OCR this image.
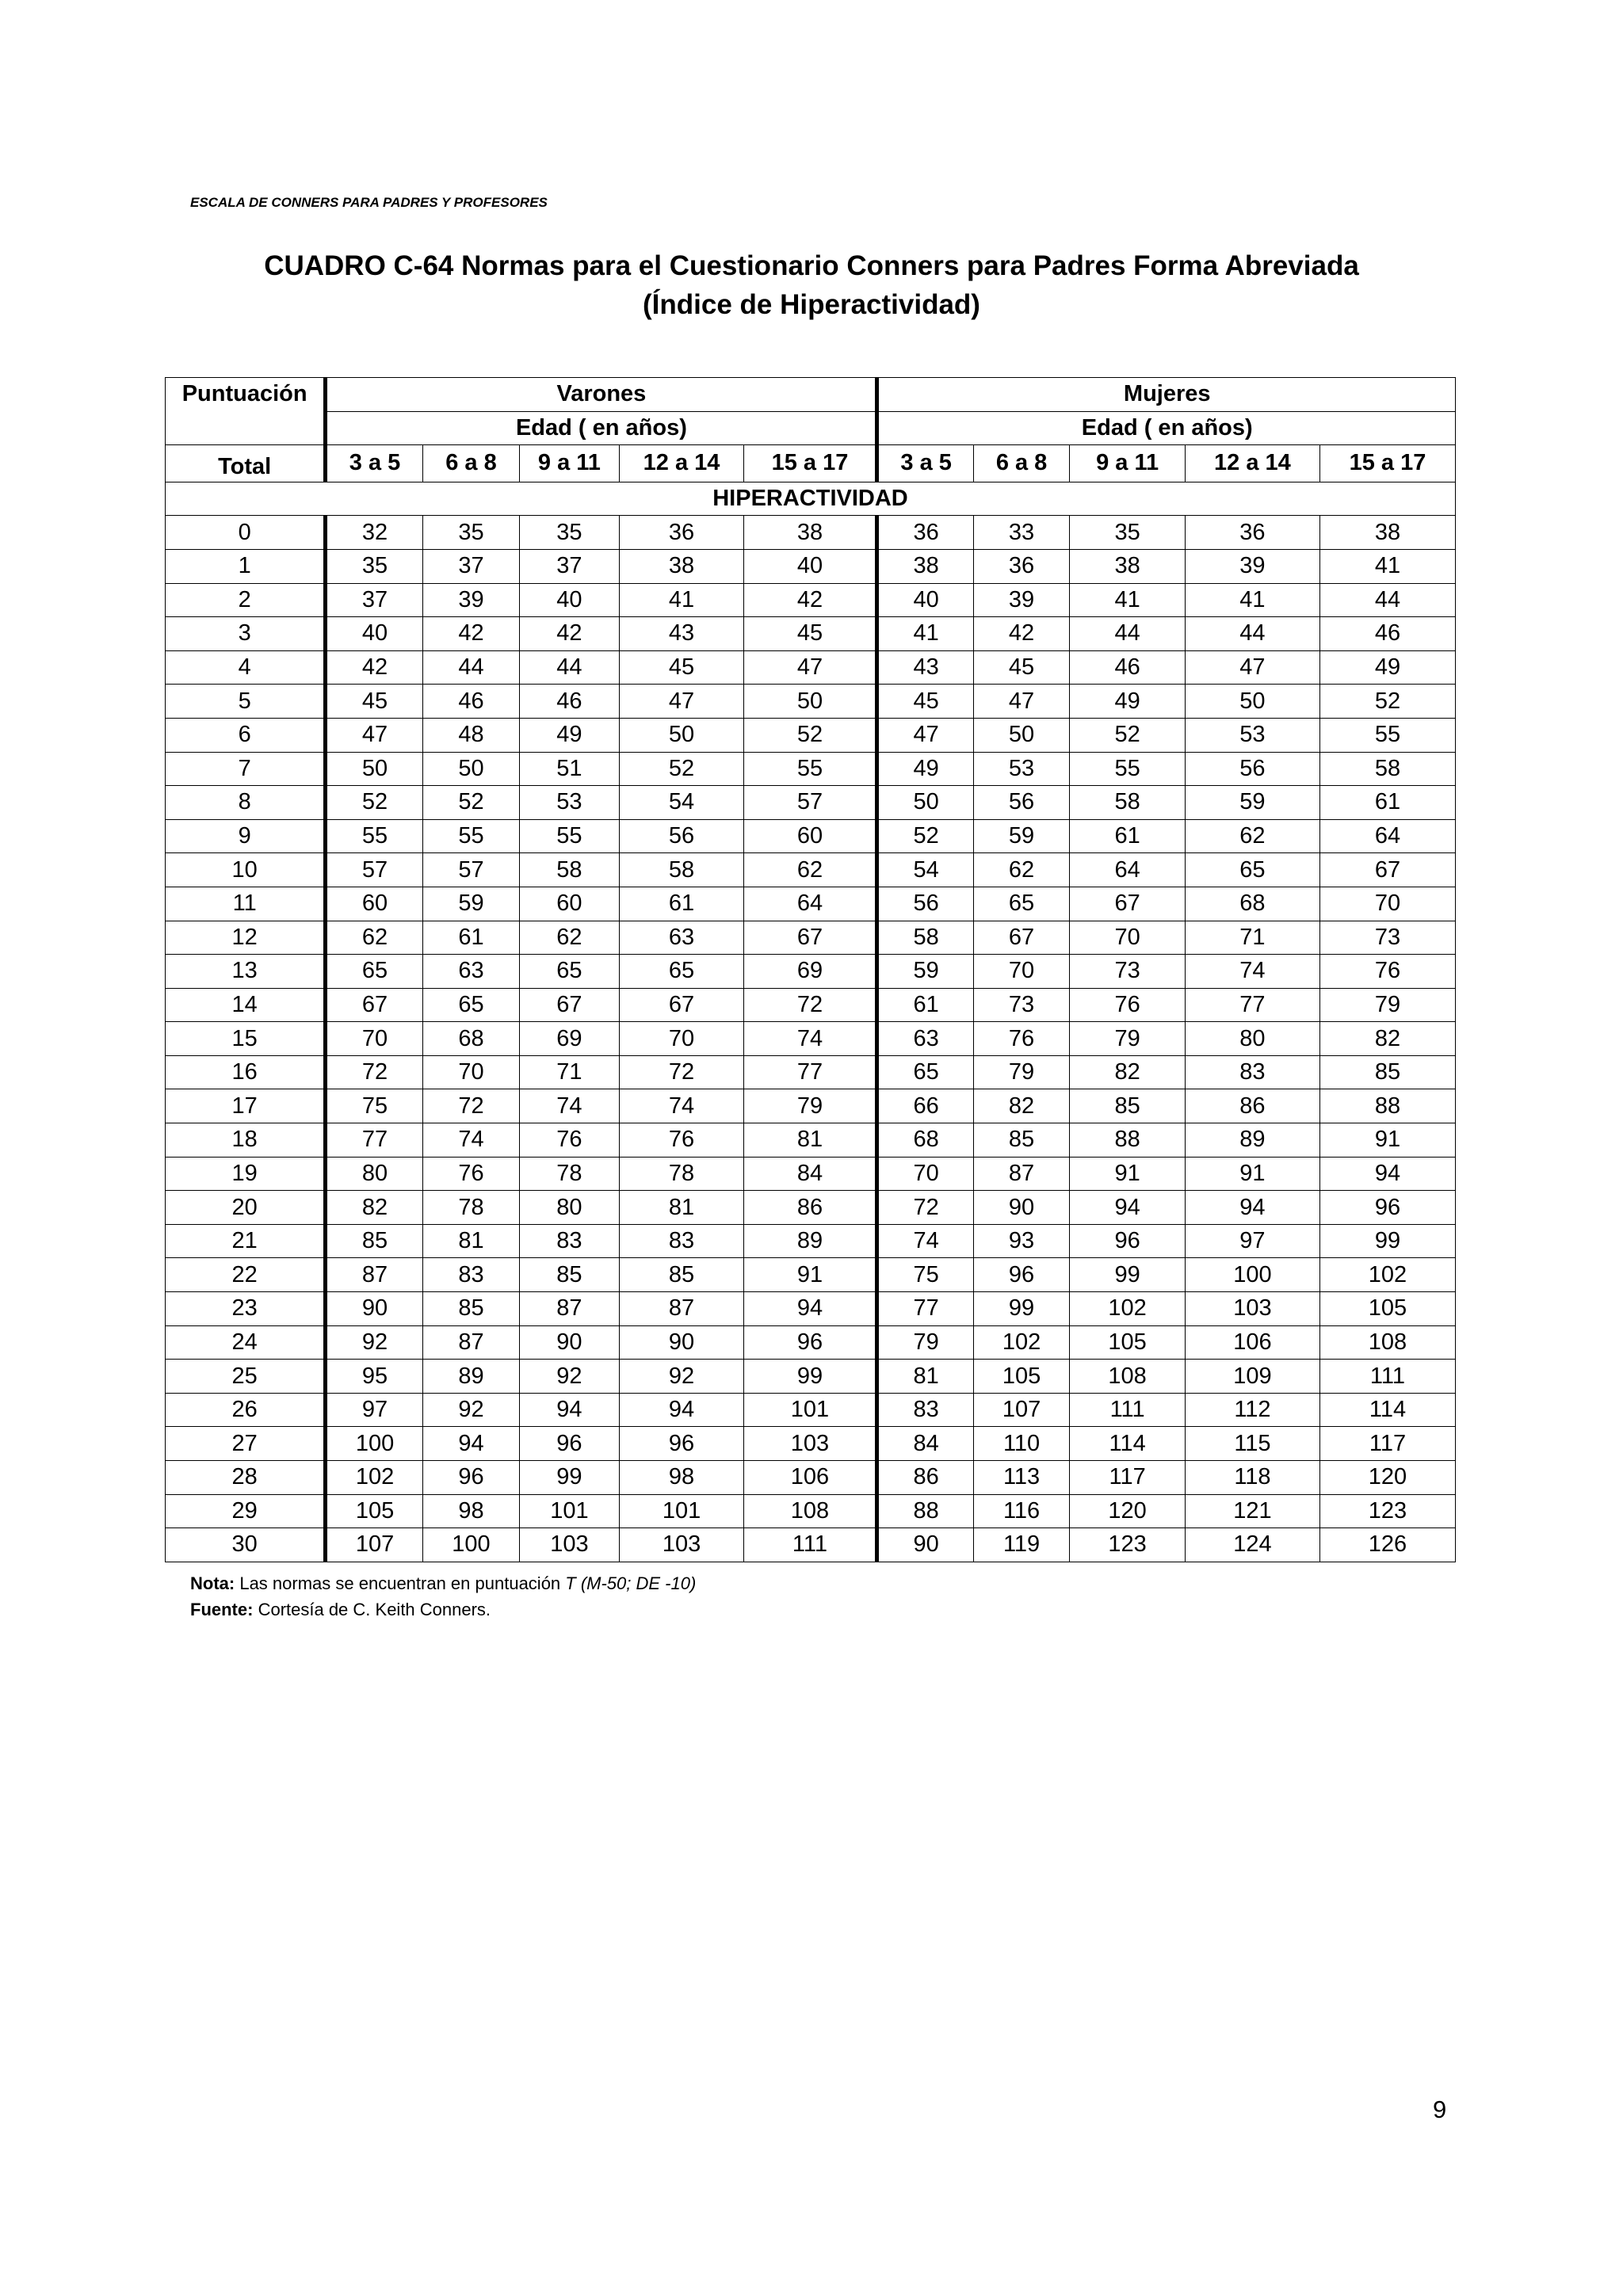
ESCALA DE CONNERS PARA PADRES Y PROFESORES
CUADRO C-64 Normas para el Cuestionario Conners para Padres Forma Abreviada
(Índice de Hiperactividad)
Puntuación	Varones					Mujeres				
	Edad ( en años)					Edad ( en años)				
Total	3 a 5	6 a 8	9 a 11	12 a 14	15 a 17	3 a 5	6 a 8	9 a 11	12 a 14	15 a 17
HIPERACTIVIDAD										
0	32	35	35	36	38	36	33	35	36	38
1	35	37	37	38	40	38	36	38	39	41
2	37	39	40	41	42	40	39	41	41	44
3	40	42	42	43	45	41	42	44	44	46
4	42	44	44	45	47	43	45	46	47	49
5	45	46	46	47	50	45	47	49	50	52
6	47	48	49	50	52	47	50	52	53	55
7	50	50	51	52	55	49	53	55	56	58
8	52	52	53	54	57	50	56	58	59	61
9	55	55	55	56	60	52	59	61	62	64
10	57	57	58	58	62	54	62	64	65	67
11	60	59	60	61	64	56	65	67	68	70
12	62	61	62	63	67	58	67	70	71	73
13	65	63	65	65	69	59	70	73	74	76
14	67	65	67	67	72	61	73	76	77	79
15	70	68	69	70	74	63	76	79	80	82
16	72	70	71	72	77	65	79	82	83	85
17	75	72	74	74	79	66	82	85	86	88
18	77	74	76	76	81	68	85	88	89	91
19	80	76	78	78	84	70	87	91	91	94
20	82	78	80	81	86	72	90	94	94	96
21	85	81	83	83	89	74	93	96	97	99
22	87	83	85	85	91	75	96	99	100	102
23	90	85	87	87	94	77	99	102	103	105
24	92	87	90	90	96	79	102	105	106	108
25	95	89	92	92	99	81	105	108	109	111
26	97	92	94	94	101	83	107	111	112	114
27	100	94	96	96	103	84	110	114	115	117
28	102	96	99	98	106	86	113	117	118	120
29	105	98	101	101	108	88	116	120	121	123
30	107	100	103	103	111	90	119	123	124	126
Nota: Las normas se encuentran en puntuación T (M-50; DE -10)
Fuente: Cortesía de C. Keith Conners.
9
